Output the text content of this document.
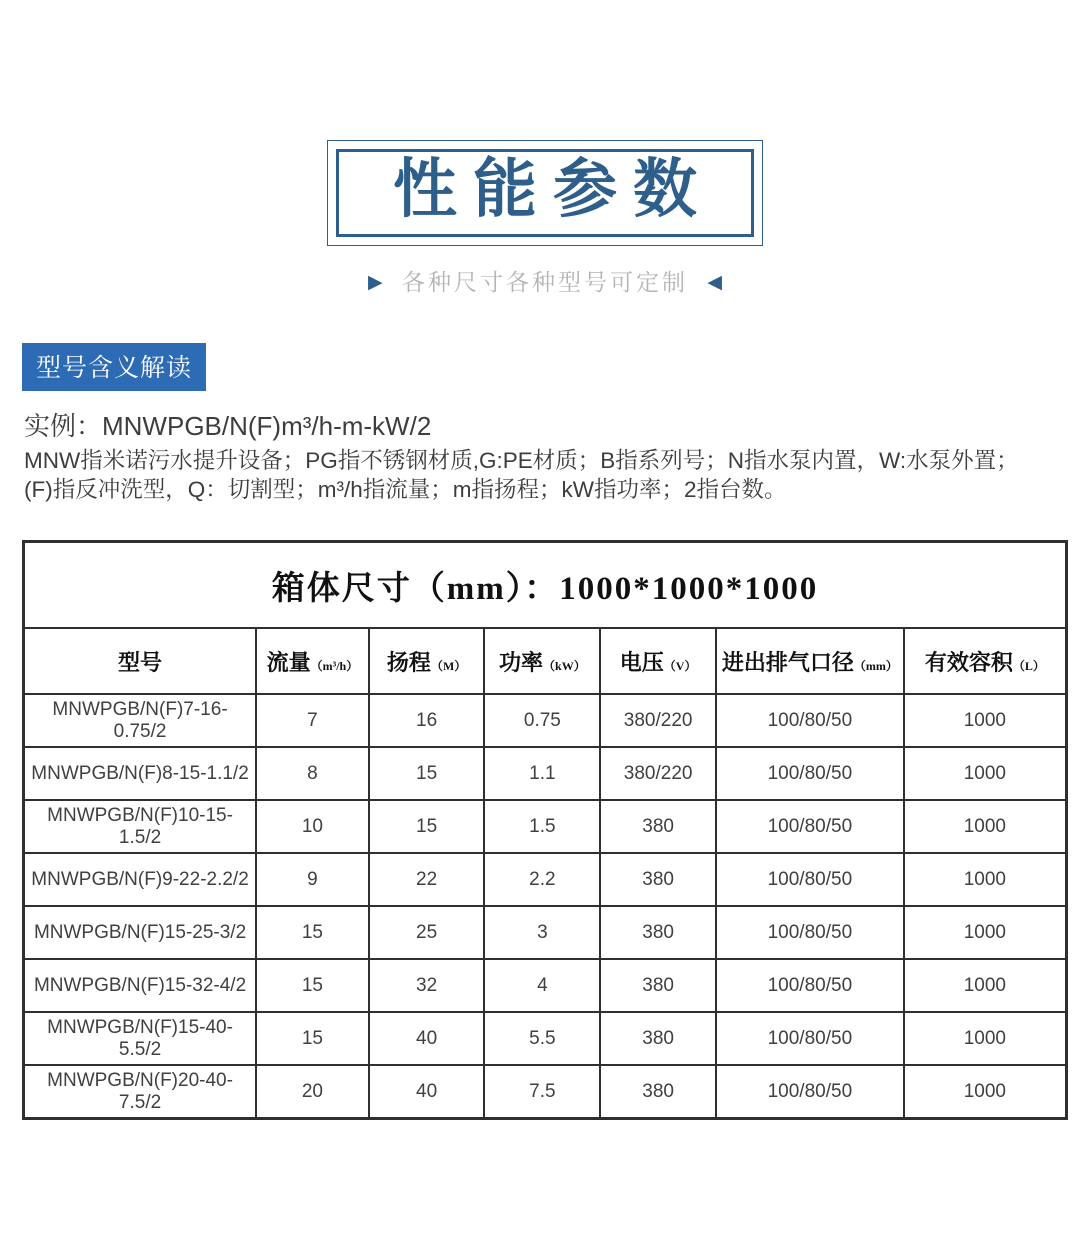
性能参数
▶ 各种尺寸各种型号可定制 ◀
型号含义解读
实例：MNWPGB/N(F)m³/h-m-kW/2
MNW指米诺污水提升设备；PG指不锈钢材质,G:PE材质；B指系列号；N指水泵内置，W:水泵外置；
(F)指反冲洗型，Q：切割型；m³/h指流量；m指扬程；kW指功率；2指台数。
箱体尺寸（mm）：1000*1000*1000						
型号	流量（m³/h）	扬程（M）	功率（kW）	电压（V）	进出排气口径（mm）	有效容积（L）
MNWPGB/N(F)7-16-0.75/2	7	16	0.75	380/220	100/80/50	1000
MNWPGB/N(F)8-15-1.1/2	8	15	1.1	380/220	100/80/50	1000
MNWPGB/N(F)10-15-1.5/2	10	15	1.5	380	100/80/50	1000
MNWPGB/N(F)9-22-2.2/2	9	22	2.2	380	100/80/50	1000
MNWPGB/N(F)15-25-3/2	15	25	3	380	100/80/50	1000
MNWPGB/N(F)15-32-4/2	15	32	4	380	100/80/50	1000
MNWPGB/N(F)15-40-5.5/2	15	40	5.5	380	100/80/50	1000
MNWPGB/N(F)20-40-7.5/2	20	40	7.5	380	100/80/50	1000
